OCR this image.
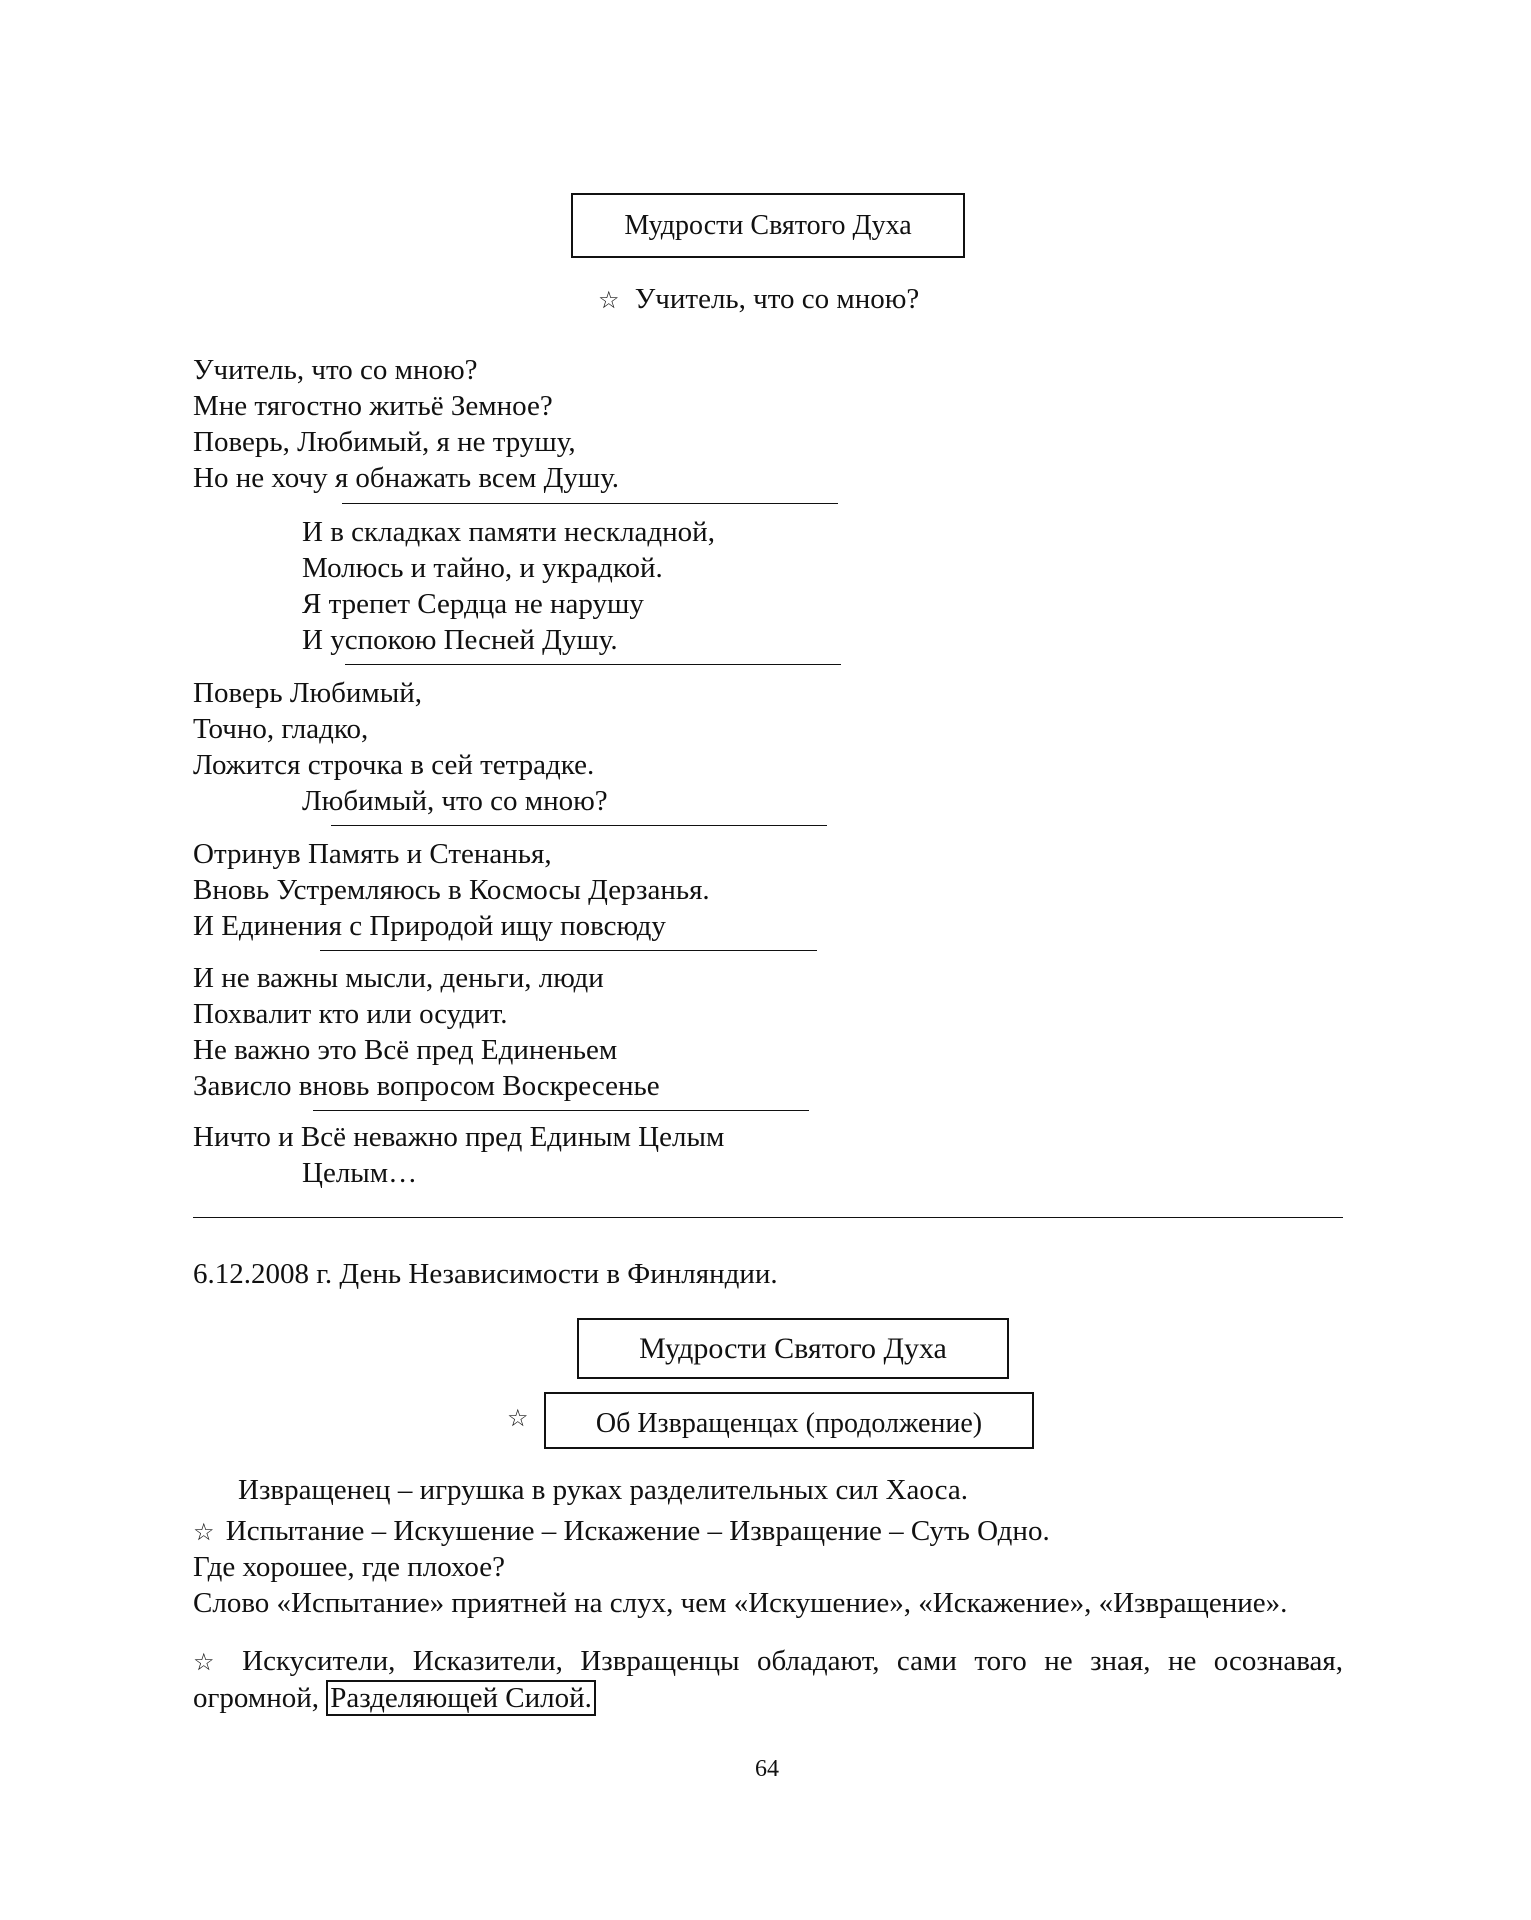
Мудрости Святого Духа
☆ Учитель, что со мною?
Учитель, что со мною?
Мне тягостно житьё Земное?
Поверь, Любимый, я не трушу,
Но не хочу я обнажать всем Душу.
И в складках памяти нескладной,
Молюсь и тайно, и украдкой.
Я трепет Сердца не нарушу
И успокою Песней Душу.
Поверь Любимый,
Точно, гладко,
Ложится строчка в сей тетрадке.
Любимый, что со мною?
Отринув Память и Стенанья,
Вновь Устремляюсь в Космосы Дерзанья.
И Единения с Природой ищу повсюду
И не важны мысли, деньги, люди
Похвалит кто или осудит.
Не важно это Всё пред Единеньем
Зависло вновь вопросом Воскресенье
Ничто и Всё неважно пред Единым Целым
Целым…
6.12.2008 г. День Независимости в Финляндии.
Мудрости Святого Духа
☆	Об Извращенцах (продолжение)
Извращенец – игрушка в руках разделительных сил Хаоса.
☆ Испытание – Искушение – Искажение – Извращение – Суть Одно.
Где хорошее, где плохое?
Слово «Испытание» приятней на слух, чем «Искушение», «Искажение», «Извращение».
☆ Искусители, Исказители, Извращенцы обладают, сами того не зная, не осознавая, огромной, Разделяющей Силой.
64
